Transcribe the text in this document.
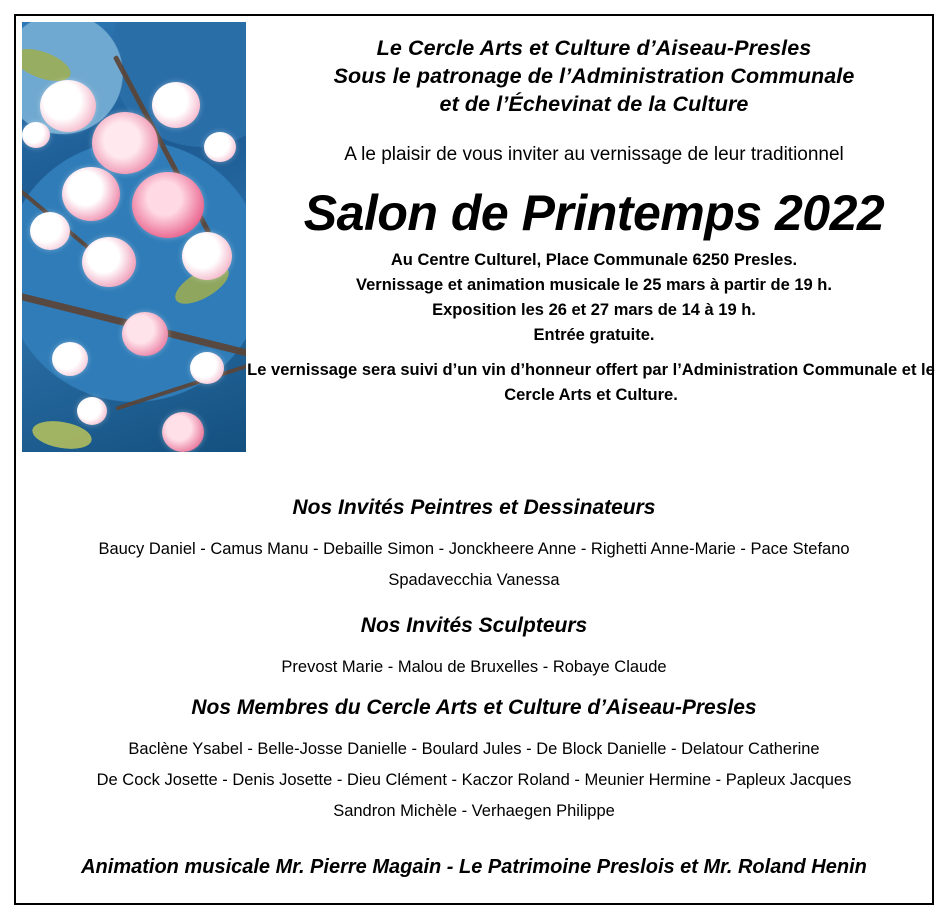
Le Cercle Arts et Culture d’Aiseau-Presles
Sous le patronage de l’Administration Communale
et de l’Échevinat de la Culture
A le plaisir de vous inviter au vernissage de leur traditionnel
Salon de Printemps 2022
Au Centre Culturel, Place Communale 6250 Presles.
Vernissage et animation musicale le 25 mars à partir de 19 h.
Exposition les 26 et 27 mars de 14 à 19 h.
Entrée gratuite.
Le vernissage sera suivi d’un vin d’honneur offert par l’Administration Communale et le
Cercle Arts et Culture.
Nos Invités Peintres et Dessinateurs
Baucy Daniel - Camus Manu - Debaille Simon - Jonckheere Anne - Righetti Anne-Marie - Pace Stefano
Spadavecchia Vanessa
Nos Invités Sculpteurs
Prevost Marie - Malou de Bruxelles - Robaye Claude
Nos Membres du Cercle Arts et Culture d’Aiseau-Presles
Baclène Ysabel - Belle-Josse Danielle - Boulard Jules - De Block Danielle - Delatour Catherine
De Cock Josette - Denis Josette - Dieu Clément - Kaczor Roland - Meunier Hermine - Papleux Jacques
Sandron Michèle - Verhaegen Philippe
Animation musicale Mr. Pierre Magain - Le Patrimoine Preslois et Mr. Roland Henin
